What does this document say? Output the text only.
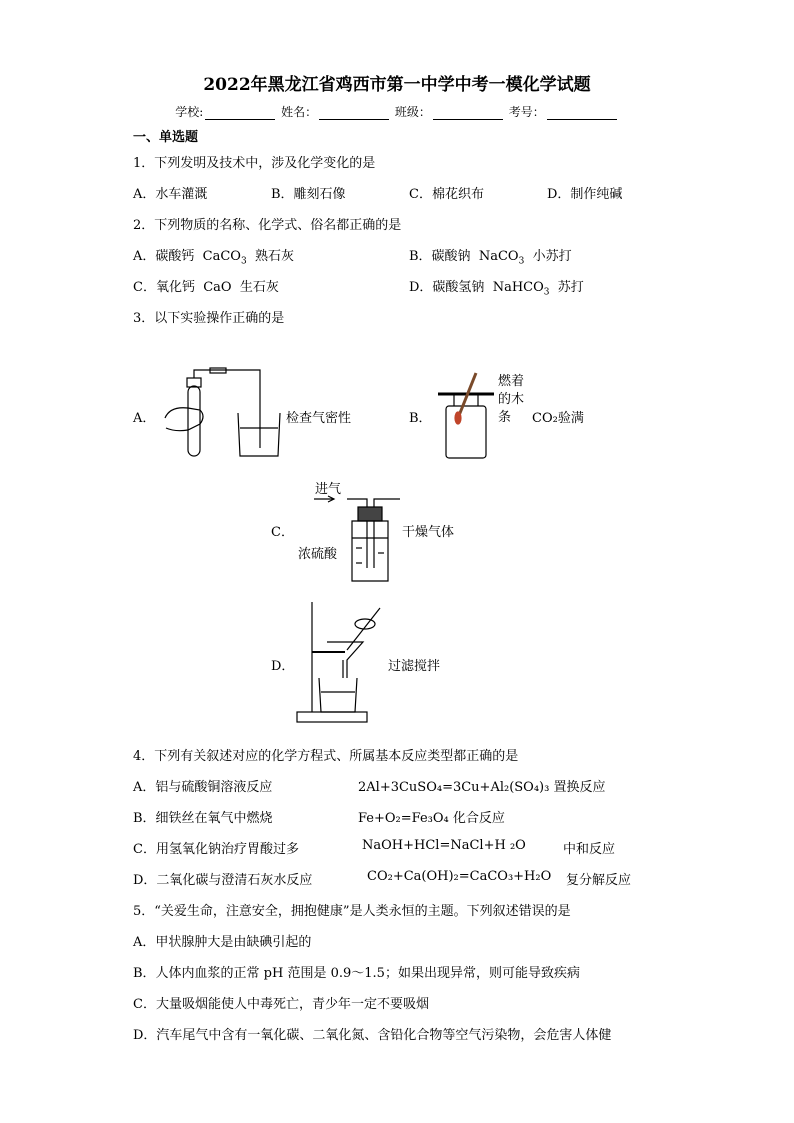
2022年黑龙江省鸡西市第一中学中考一模化学试题
学校:	姓名：	班级：	考号：
一、单选题
1．下列发明及技术中，涉及化学变化的是
A．水车灌溉	B．雕刻石像	C．棉花织布	D．制作纯碱
2．下列物质的名称、化学式、俗名都正确的是
A．碳酸钙 CaCO$_3$ 熟石灰	B．碳酸钠 NaCO$_3$ 小苏打
C．氧化钙 CaO 生石灰	D．碳酸氢钠 NaHCO$_3$ 苏打
3．以下实验操作正确的是
A．	检查气密性	B．
燃着
的木
条 CO₂验满
进气
C．	干燥气体
浓硫酸
D．	过滤搅拌
4．下列有关叙述对应的化学方程式、所属基本反应类型都正确的是
A．铝与硫酸铜溶液反应	2Al+3CuSO₄=3Cu+Al₂(SO₄)₃ 置换反应
B．细铁丝在氧气中燃烧	Fe+O₂=Fe₃O₄ 化合反应
C．用氢氧化钠治疗胃酸过多	NaOH+HCl=NaCl+H ₂O	中和反应
D．二氧化碳与澄清石灰水反应	CO₂+Ca(OH)₂=CaCO₃+H₂O 复分解反应
5．“关爱生命，注意安全，拥抱健康”是人类永恒的主题。下列叙述错误的是
A．甲状腺肿大是由缺碘引起的
B．人体内血浆的正常 pH 范围是 0.9～1.5；如果出现异常，则可能导致疾病
C．大量吸烟能使人中毒死亡，青少年一定不要吸烟
D．汽车尾气中含有一氧化碳、二氧化氮、含铅化合物等空气污染物，会危害人体健
